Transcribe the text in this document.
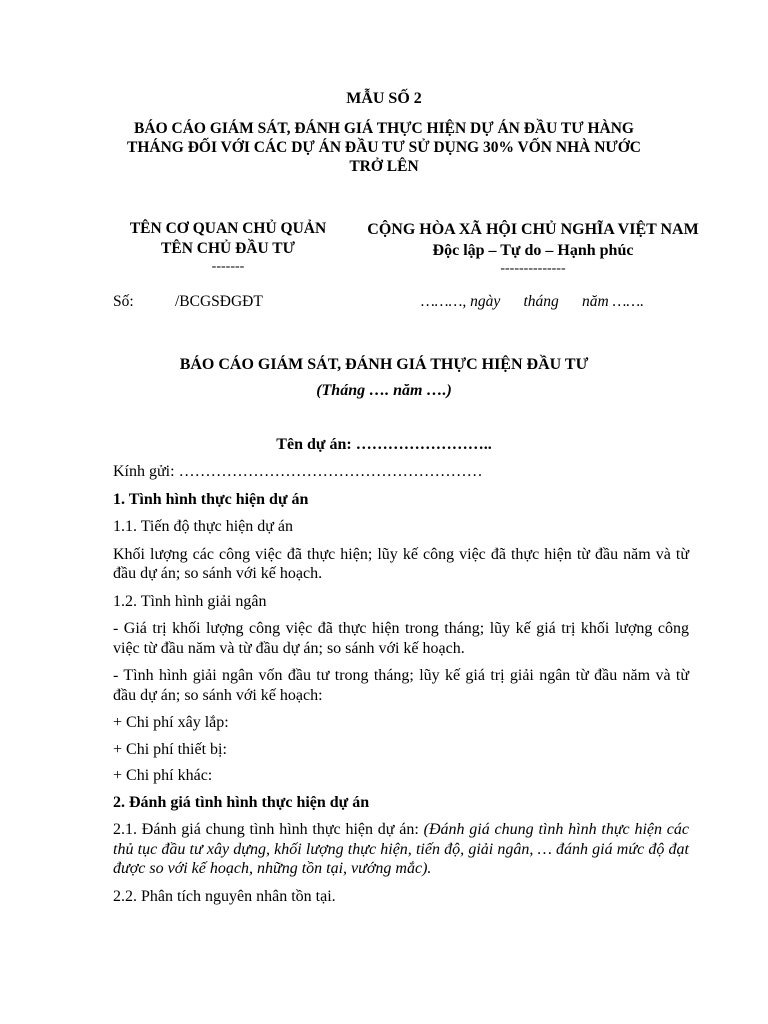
MẪU SỐ 2
BÁO CÁO GIÁM SÁT, ĐÁNH GIÁ THỰC HIỆN DỰ ÁN ĐẦU TƯ HÀNG THÁNG ĐỐI VỚI CÁC DỰ ÁN ĐẦU TƯ SỬ DỤNG 30% VỐN NHÀ NƯỚC TRỞ LÊN
TÊN CƠ QUAN CHỦ QUẢN
TÊN CHỦ ĐẦU TƯ
-------
CỘNG HÒA XÃ HỘI CHỦ NGHĨA VIỆT NAM
Độc lập – Tự do – Hạnh phúc
--------------
Số:	/BCGSĐGĐT	………, ngày      tháng      năm …….
BÁO CÁO GIÁM SÁT, ĐÁNH GIÁ THỰC HIỆN ĐẦU TƯ
(Tháng …. năm ….)
Tên dự án: ……………………..

Kính gửi: …………………………………………………

1. Tình hình thực hiện dự án

1.1. Tiến độ thực hiện dự án

Khối lượng các công việc đã thực hiện; lũy kế công việc đã thực hiện từ đầu năm và từ đầu dự án; so sánh với kế hoạch.

1.2. Tình hình giải ngân

- Giá trị khối lượng công việc đã thực hiện trong tháng; lũy kế giá trị khối lượng công việc từ đầu năm và từ đầu dự án; so sánh với kế hoạch.

- Tình hình giải ngân vốn đầu tư trong tháng; lũy kế giá trị giải ngân từ đầu năm và từ đầu dự án; so sánh với kế hoạch:

+ Chi phí xây lắp:

+ Chi phí thiết bị:

+ Chi phí khác:

2. Đánh giá tình hình thực hiện dự án

2.1. Đánh giá chung tình hình thực hiện dự án: (Đánh giá chung tình hình thực hiện các thủ tục đầu tư xây dựng, khối lượng thực hiện, tiến độ, giải ngân, … đánh giá mức độ đạt được so với kế hoạch, những tồn tại, vướng mắc).

2.2. Phân tích nguyên nhân tồn tại.
